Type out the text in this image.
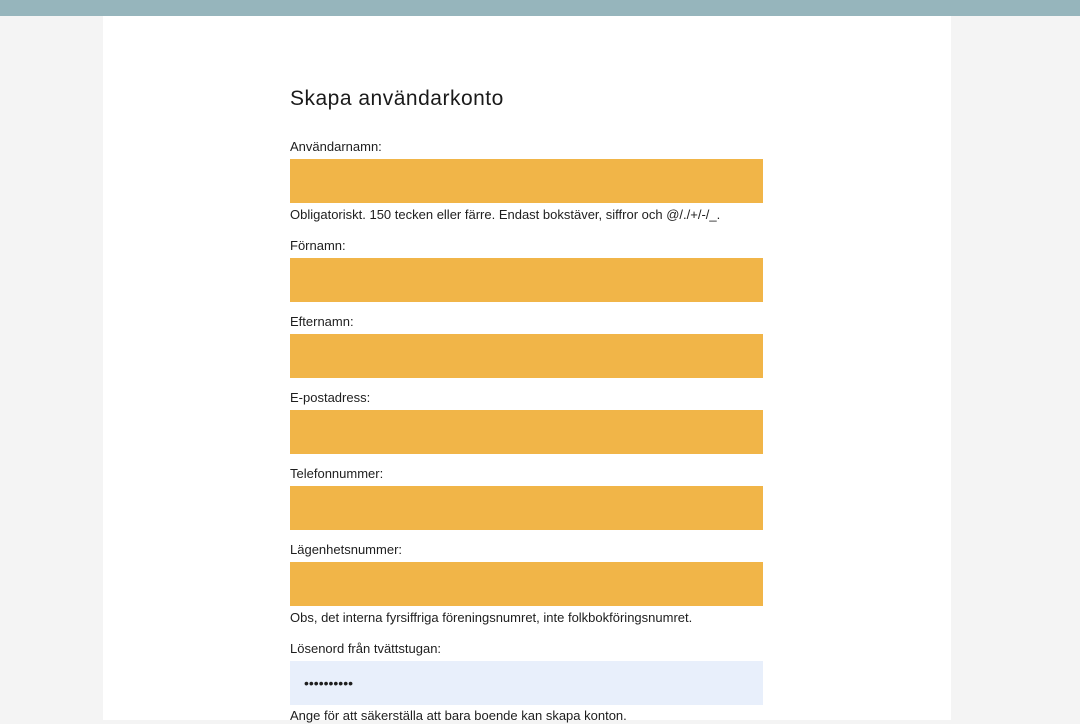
Skapa användarkonto
Användarnamn:

Obligatoriskt. 150 tecken eller färre. Endast bokstäver, siffror och @/./+/-/_.

Förnamn:
Efternamn:
E-postadress:
Telefonnummer:
Lägenhetsnummer:

Obs, det interna fyrsiffriga föreningsnumret, inte folkbokföringsnumret.

Lösenord från tvättstugan:
••••••••••

Ange för att säkerställa att bara boende kan skapa konton.
